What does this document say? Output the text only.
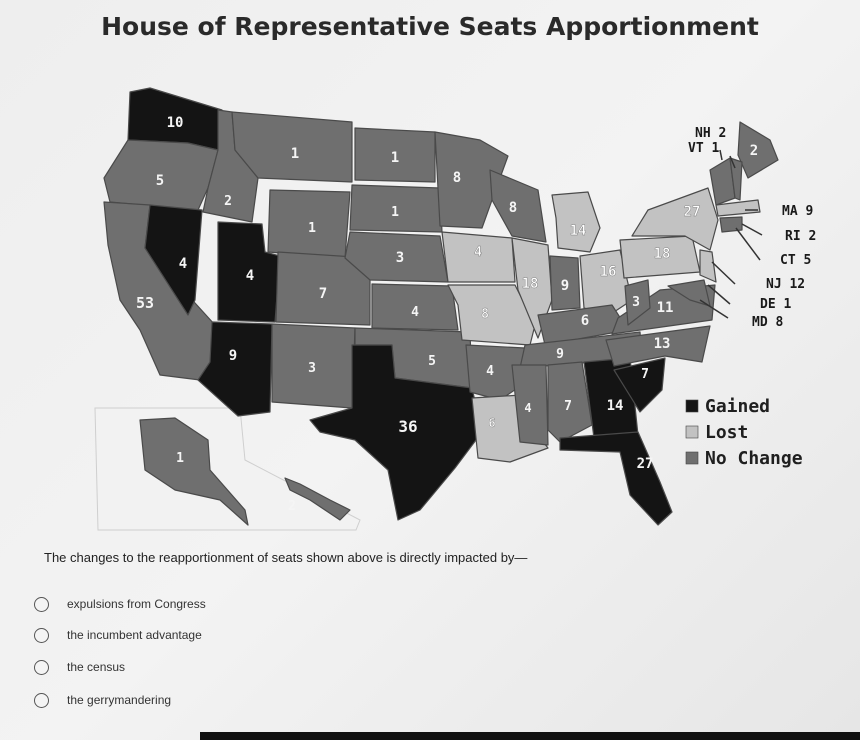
House of Representative Seats Apportionment
10
5
53
4
2
1
1
4
9
7
3
1
1
3
4
5
36
8
4
8
4
6
8
18
14
9
16
6
9
4 7 14
27
7
13
11
3
18
27
2
1
2
NH 2
VT 1
MA 9
RI 2
CT 5
NJ 12
DE 1
MD 8
Gained
Lost
No Change
The changes to the reapportionment of seats shown above is directly impacted by—
expulsions from Congress
the incumbent advantage
the census
the gerrymandering
